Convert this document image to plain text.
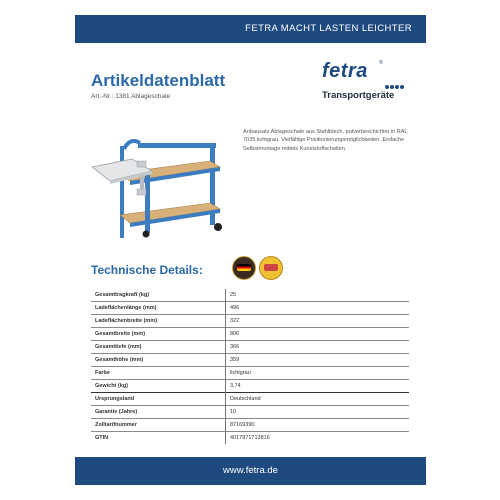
FETRA MACHT LASTEN LEICHTER
Artikeldatenblatt
Art.-Nr.: 1381 Ablageschale
fetra ®
Transportgeräte
Anbausatz Ablageschale aus Stahlblech, pulverbeschichtet in RAL 7035 lichtgrau. Vielfältige Positionierungsmöglichkeiten. Einfache Selbstmontage mittels Kunststoffschellen.
Technische Details:
Gesamttragkraft (kg)	25
Ladeflächenlänge (mm)	496
Ladeflächenbreite (mm)	322
Gesamtbreite (mm)	806
Gesamttiefe (mm)	366
Gesamthöhe (mm)	359
Farbe	lichtgrau
Gewicht (kg)	3,74
Ursprungsland	Deutschland
Garantie (Jahre)	10
Zolltarifnummer	87169390
GTIN	4017971713816
www.fetra.de
